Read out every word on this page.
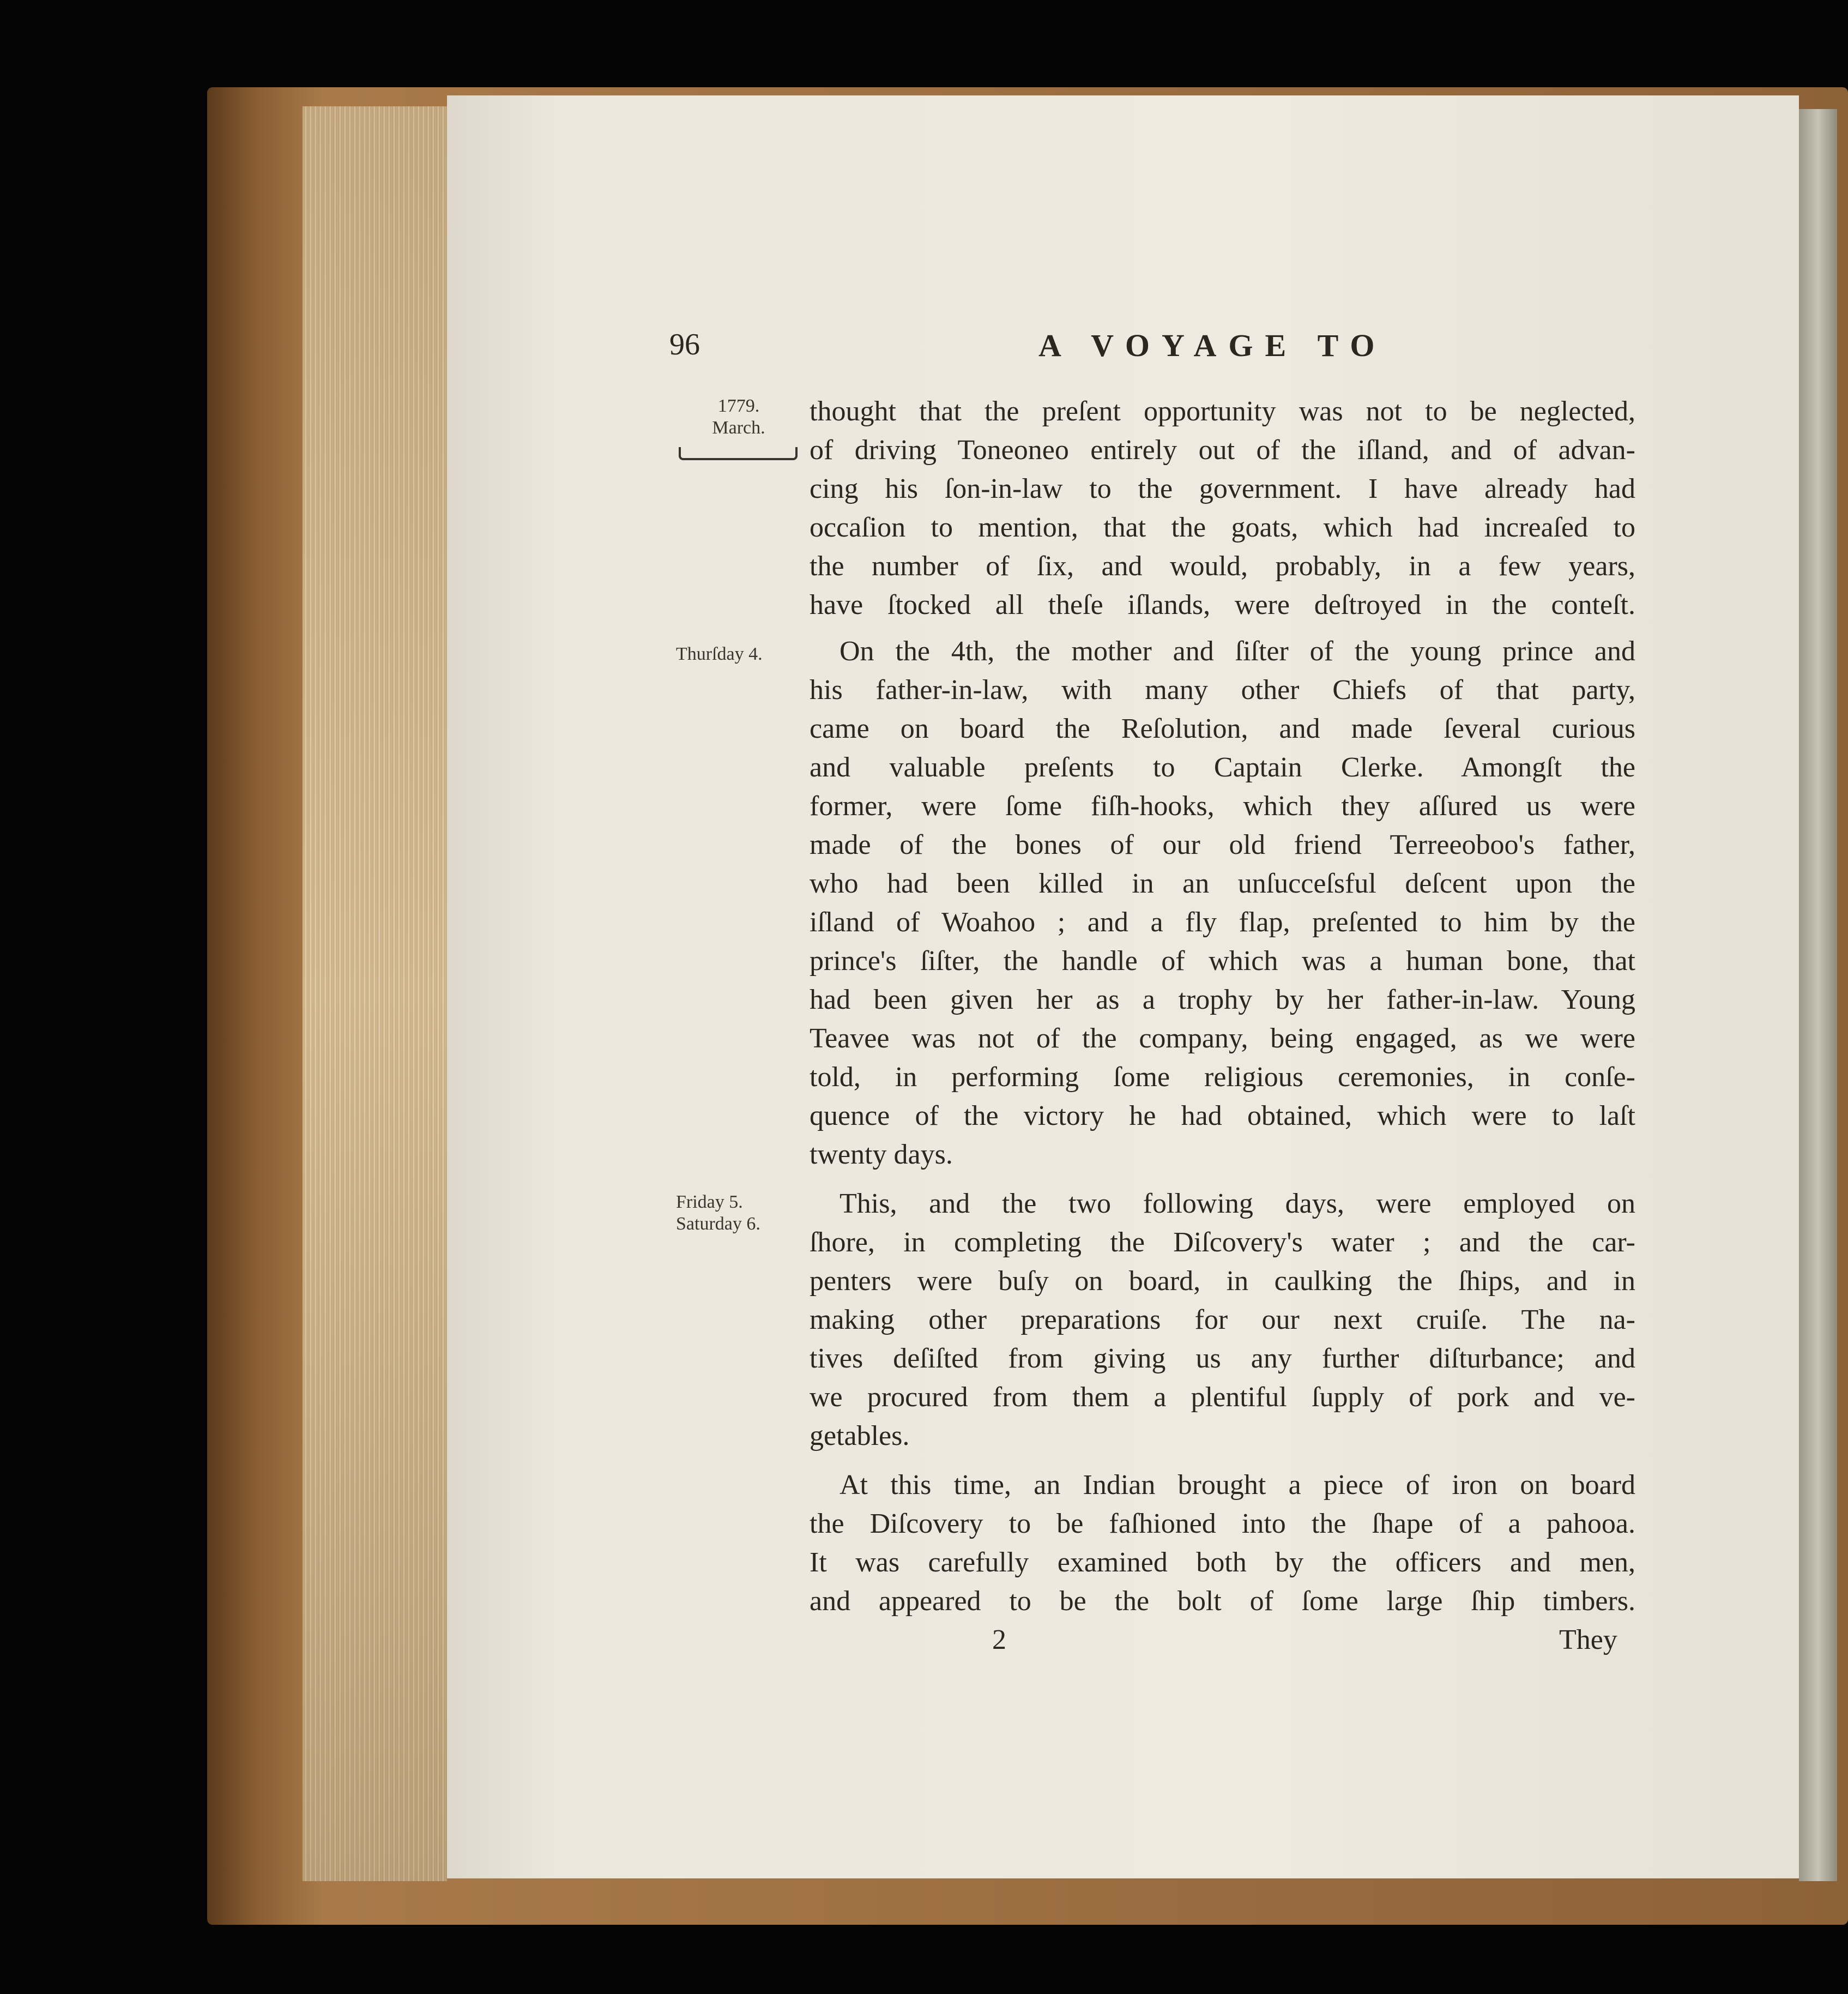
96	A VOYAGE TO
1779.
March.
Thurſday 4.
Friday 5.
Saturday 6.
thought that the preſent opportunity was not to be neglected,
of driving Toneoneo entirely out of the iſland, and of advan-
cing his ſon-in-law to the government. I have already had
occaſion to mention, that the goats, which had increaſed to
the number of ſix, and would, probably, in a few years,
have ſtocked all theſe iſlands, were deſtroyed in the conteſt.
On the 4th, the mother and ſiſter of the young prince and
his father-in-law, with many other Chiefs of that party,
came on board the Reſolution, and made ſeveral curious
and valuable preſents to Captain Clerke. Amongſt the
former, were ſome fiſh-hooks, which they aſſured us were
made of the bones of our old friend Terreeoboo's father,
who had been killed in an unſucceſsful deſcent upon the
iſland of Woahoo ; and a fly flap, preſented to him by the
prince's ſiſter, the handle of which was a human bone, that
had been given her as a trophy by her father-in-law. Young
Teavee was not of the company, being engaged, as we were
told, in performing ſome religious ceremonies, in conſe-
quence of the victory he had obtained, which were to laſt
twenty days.
This, and the two following days, were employed on
ſhore, in completing the Diſcovery's water ; and the car-
penters were buſy on board, in caulking the ſhips, and in
making other preparations for our next cruiſe. The na-
tives deſiſted from giving us any further diſturbance; and
we procured from them a plentiful ſupply of pork and ve-
getables.
At this time, an Indian brought a piece of iron on board
the Diſcovery to be faſhioned into the ſhape of a pahooa.
It was carefully examined both by the officers and men,
and appeared to be the bolt of ſome large ſhip timbers.
2	They
